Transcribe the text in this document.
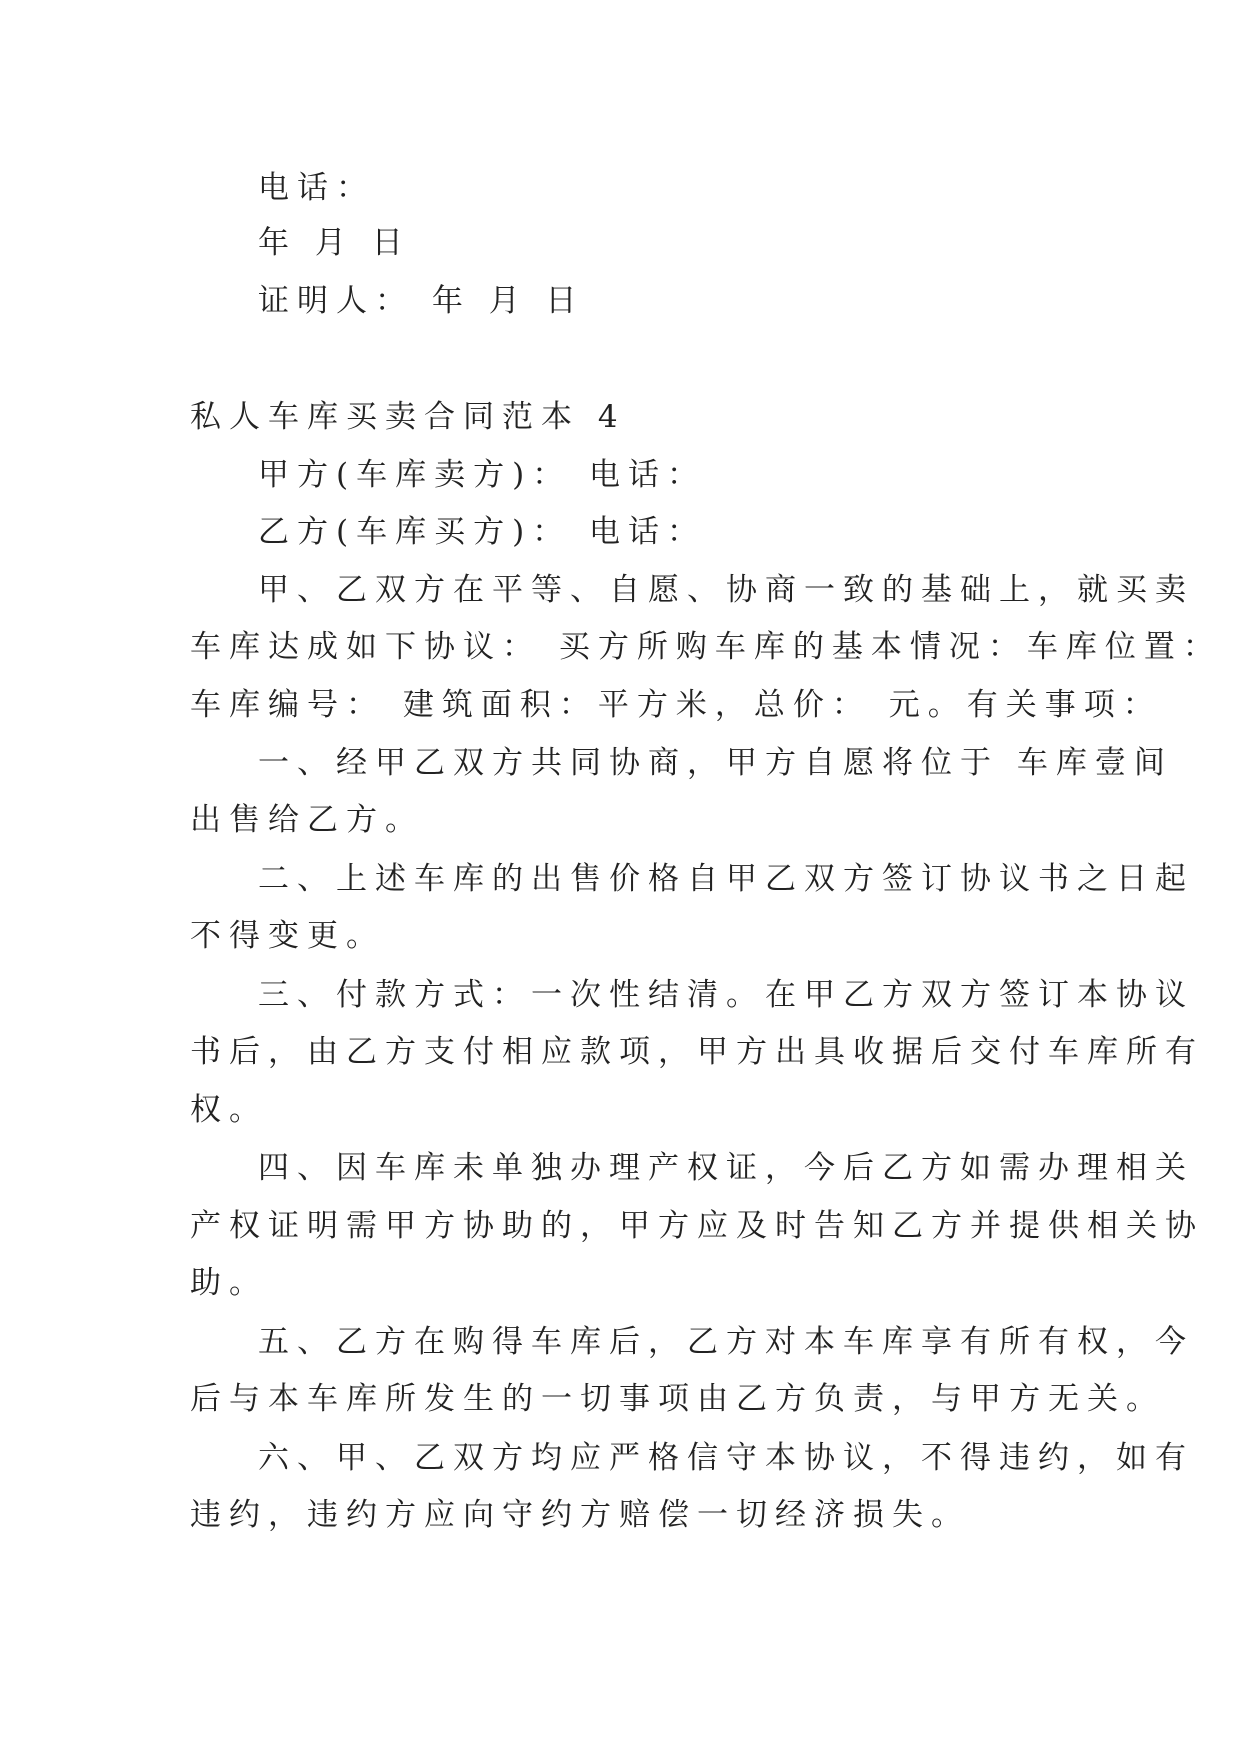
电话：
年 月 日
证明人： 年 月 日
私人车库买卖合同范本 4
甲方(车库卖方)： 电话：
乙方(车库买方)： 电话：
甲、乙双方在平等、自愿、协商一致的基础上，就买卖
车库达成如下协议： 买方所购车库的基本情况：车库位置：
车库编号： 建筑面积：平方米，总价： 元。有关事项：
一、经甲乙双方共同协商，甲方自愿将位于 车库壹间
出售给乙方。
二、上述车库的出售价格自甲乙双方签订协议书之日起
不得变更。
三、付款方式：一次性结清。在甲乙方双方签订本协议
书后，由乙方支付相应款项，甲方出具收据后交付车库所有
权。
四、因车库未单独办理产权证，今后乙方如需办理相关
产权证明需甲方协助的，甲方应及时告知乙方并提供相关协
助。
五、乙方在购得车库后，乙方对本车库享有所有权，今
后与本车库所发生的一切事项由乙方负责，与甲方无关。
六、甲、乙双方均应严格信守本协议，不得违约，如有
违约，违约方应向守约方赔偿一切经济损失。
